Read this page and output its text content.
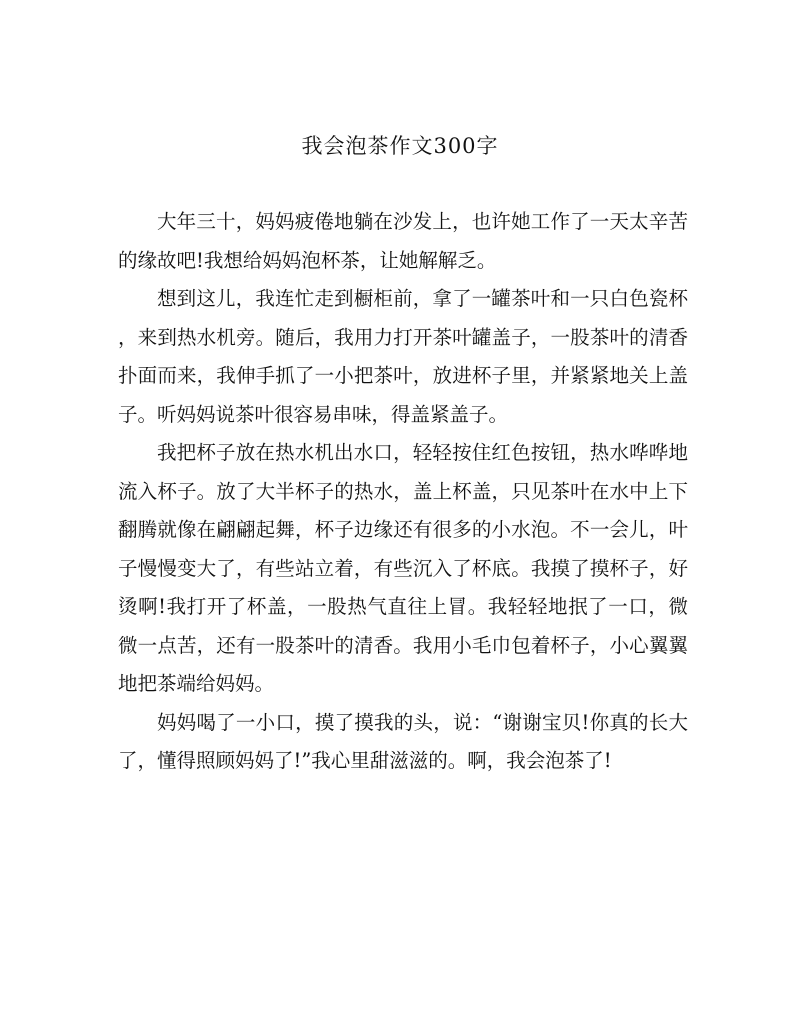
我会泡茶作文300字

大年三十，妈妈疲倦地躺在沙发上，也许她工作了一天太辛苦的缘故吧!我想给妈妈泡杯茶，让她解解乏。

想到这儿，我连忙走到橱柜前，拿了一罐茶叶和一只白色瓷杯，来到热水机旁。随后，我用力打开茶叶罐盖子，一股茶叶的清香扑面而来，我伸手抓了一小把茶叶，放进杯子里，并紧紧地关上盖子。听妈妈说茶叶很容易串味，得盖紧盖子。

我把杯子放在热水机出水口，轻轻按住红色按钮，热水哗哗地流入杯子。放了大半杯子的热水，盖上杯盖，只见茶叶在水中上下翻腾就像在翩翩起舞，杯子边缘还有很多的小水泡。不一会儿，叶子慢慢变大了，有些站立着，有些沉入了杯底。我摸了摸杯子，好烫啊!我打开了杯盖，一股热气直往上冒。我轻轻地抿了一口，微微一点苦，还有一股茶叶的清香。我用小毛巾包着杯子，小心翼翼地把茶端给妈妈。

妈妈喝了一小口，摸了摸我的头，说：“谢谢宝贝!你真的长大了，懂得照顾妈妈了!”我心里甜滋滋的。啊，我会泡茶了!
